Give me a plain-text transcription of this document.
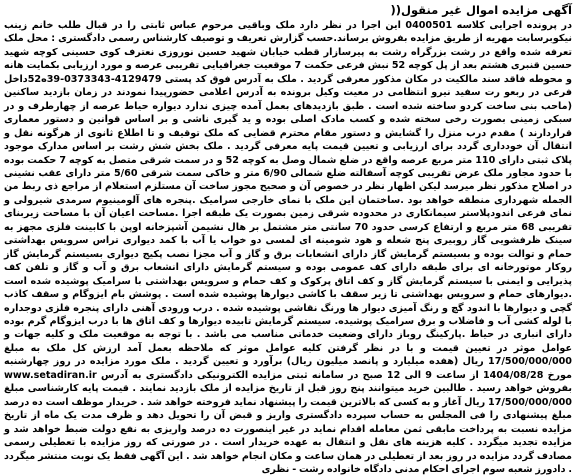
آگهی مزایده اموال غیر منقول((

در پرونده اجرایی کلاسه 0400501 این اجرا در نظر دارد ملک وباقیی مرحوم عباس ثابتی را در قبال طلب خانم زینب نیکوبرسابت مهریه از طریق مزایده بفروش برساند.حسب گزارش تعریف و توصیف کارشناس رسمی دادگستری : محل ملک تعرفه شده واقع در رشت بزرگراه رشت به پیرسازار قطب خیابان شهید حسین نوروزی نعترف کوی حسینی کوچه شهید حسین قنبری هشتم بعد از پل کوچه 52 نبش فرعی حکمت 7 موقعیت جغرافیایی تقریبی عرصه و مورد ارزیابی بکمایت هانه و محوطه فاقد سند مالکیت در مکان مذکور معرفی گردید . ملک به آدرس فوق کد پستی 4129479-0373343-39ه52داخل فرعی در ربعو رت سفید نیرو انتظامی در معیت وکیل برونده به آدرس اعلامی حضورپیدا نمودند در زمان بازدید ساکنین (ماحب بنی ساخت کردو ساخته شده است . طبق بازدیدهای بعمل آمده چیزی ندارد دیواره حیاط عرصه از چهارطرف و در سبکی زمینی بصورت رخی سخته شده و کسب مادک اصلی بوده و ید گیری ناشی و بر اساس قوانین و دستور معماری قراردارند ) مقدم درب منزل را گشایش و دستور مقام محترم قضایی که ملک توقیف و تا اطلاع ثانوی از هرگونه نقل و انتقال آن خودداری گردد برای ارزیابی و تعیین قیمت پایه معرفی گردید . ملک بخش شش رشت بر اساس مدارک موجود پلاک ثبتی دارای 110 متر مربع عرصه واقع در ضلع شمال وصل به کوچه 52 و در سمت شرقی متصل به کوچه 7 حکمت بوده با حدود مجاور ملک عرض تقریبی کوچه آسفالته ضلع شمالی 6/90 متر و خاکی سمت شرقی 5/60 متر دارای عقب نشینی در اصلاح مذکور نظر میرسد لیکن اظهار نظر در خصوص آن و صحیح مجوز ساخت آن مستلزم استعلام از مراجع ذی ربط من الجمله شهرداری منطقه خواهد بود .ساختمان این ملک با نمای خارجی سرامیک .پنجره های آلومینیوم سرمدی شیرولی و نمای فرعی اندودپلاستر سیمانکاری در محدوده شرقی زمین بصورت یک طبقه اجرا .مساحت اعیان آن با مساحت زیربنای تقریبی 68 متر مربع و ارتفاع کرسی حدود 70 سانتی متر مشتمل بر هال نشیمن آشپزخانه اوپن با کابینت فلزی مجهز به سینک ظرفشویی گاز روبیری پنج شعله و هود شومینه ای لمسی دو خواب یا آب با کمد دیواری تراس سرویس بهداشتی حمام و توالت بوده و بسیستم گرمایش گاز دارای انشعابات برق و گاز و آب مجزا نصب پکیج دیواری بسیستم گرمایش گاز روکار موتورخانه ای برای طبقه دارای کف عمومی بوده و سیستم گرمایش دارای انشعاب برق و آب و گاز و تلفن کف پذیرایی و ایمنی با سیستم گرمایش گاز و کف اتاق پرکوک و کف حمام و سرویس بهداشتی با سرامیک پوشیده شده است .دیوارهای حمام و سرویس بهداشتی تا زیر سقف با کاشی دیوارها پوشیده شده است . پوشش بام ایزوگام و سقف کاذب گچی و دیوارها با اندود گچ و رنگ آمیزی دیوار ها ورنگ نقاشی پوشیده شده . درب ورودی آهنی دارای پنجره فلزی دوجداره با لوله کشی آب و فاضلاب و برق سرامیک پوشیده. سیستم گرمایش تابیده دیوارها و کف اتاق ها با درب ایزوگام گرم بوده دارای انباری در حیاط .پارکینگ روباز دارای وضعیت خدماتی مناسب می باشد . با توجه به موقعیت ملک و کلیه جهات و عوامل موثر در تعیین قیمت و با در نظر گرفتن کلیه عوامل موثر که ملاحظه بعمل آمد ارزش کل ملک به مبلغ 17/500/000/000 ریال (هفده میلیارد و پانصد میلیون ریال) برآورد و تعیین گردید . ملک مورد مزایده در روز چهارشنبه مورخ 1404/08/28 از ساعت 9 الی 12 صبح در سامانه ثبتی مزایده الکترونیکی دادگستری به آدرس www.setadiran.ir بفروش خواهد رسید . طالبین خرید میتوانند پنج روز قبل از تاریخ مزایده از ملک بازدید نمایند . قیمت پایه کارشناسی مبلغ 17/500/000/000 ریال آغاز و به کسی که بالاترین قیمت را پیشنهاد نماید فروخته خواهد شد . خریدار موظف است ده درصد مبلغ پیشنهادی را فی المجلس به حساب سپرده دادگستری واریز و قبض آن را تحویل دهد و ظرف مدت یک ماه از تاریخ مزایده نسبت به پرداخت مابقی ثمن معامله اقدام نماید در غیر اینصورت ده درصد واریزی به نفع دولت ضبط خواهد شد و مزایده تجدید میگردد . کلیه هزینه های نقل و انتقال به عهده خریدار است . در صورتی که روز مزایده با تعطیلی رسمی مصادف گردد مزایده در روز بعد از تعطیلی در همان ساعت و مکان انجام خواهد شد . این آگهی فقط یک نوبت منتشر میگردد . دادورز شعبه سوم اجرای احکام مدنی دادگاه خانواده رشت - نظری
